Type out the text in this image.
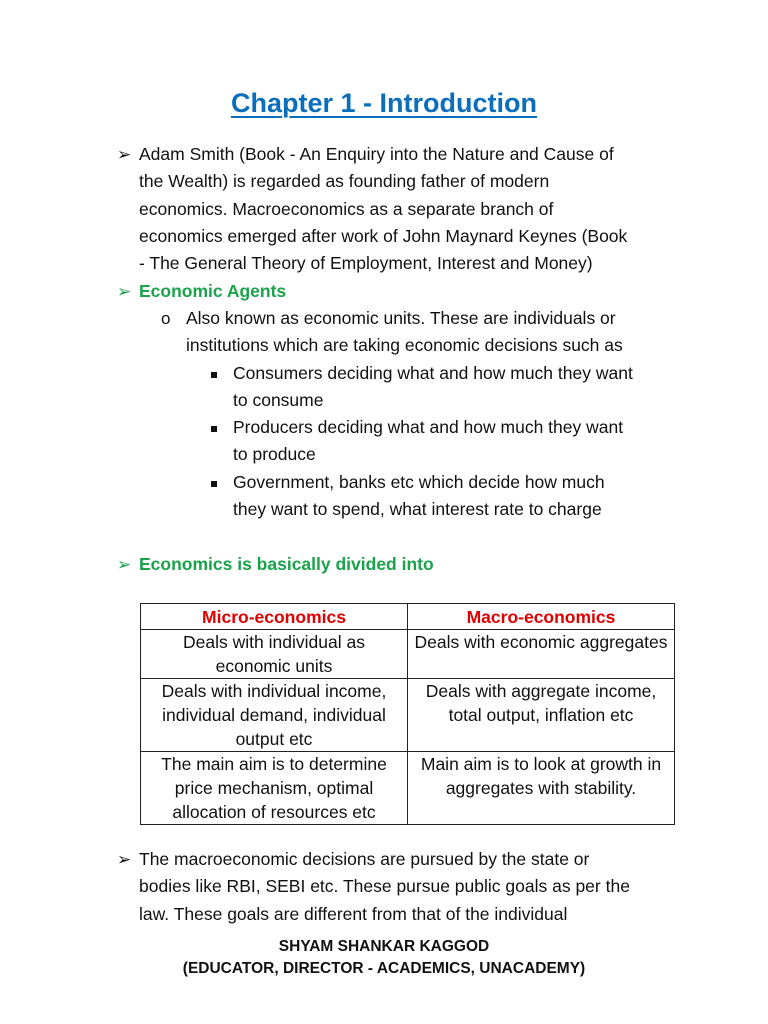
Chapter 1 - Introduction
➢ Adam Smith (Book - An Enquiry into the Nature and Cause of
the Wealth) is regarded as founding father of modern
economics. Macroeconomics as a separate branch of
economics emerged after work of John Maynard Keynes (Book
- The General Theory of Employment, Interest and Money)
➢ Economic Agents
o Also known as economic units. These are individuals or
institutions which are taking economic decisions such as
Consumers deciding what and how much they want
to consume
Producers deciding what and how much they want
to produce
Government, banks etc which decide how much
they want to spend, what interest rate to charge
➢ Economics is basically divided into
Micro-economics	Macro-economics
Deals with individual as economic units	Deals with economic aggregates
Deals with individual income, individual demand, individual output etc	Deals with aggregate income, total output, inflation etc
The main aim is to determine price mechanism, optimal allocation of resources etc	Main aim is to look at growth in aggregates with stability.
➢ The macroeconomic decisions are pursued by the state or
bodies like RBI, SEBI etc. These pursue public goals as per the
law. These goals are different from that of the individual
SHYAM SHANKAR KAGGOD
(EDUCATOR, DIRECTOR - ACADEMICS, UNACADEMY)
